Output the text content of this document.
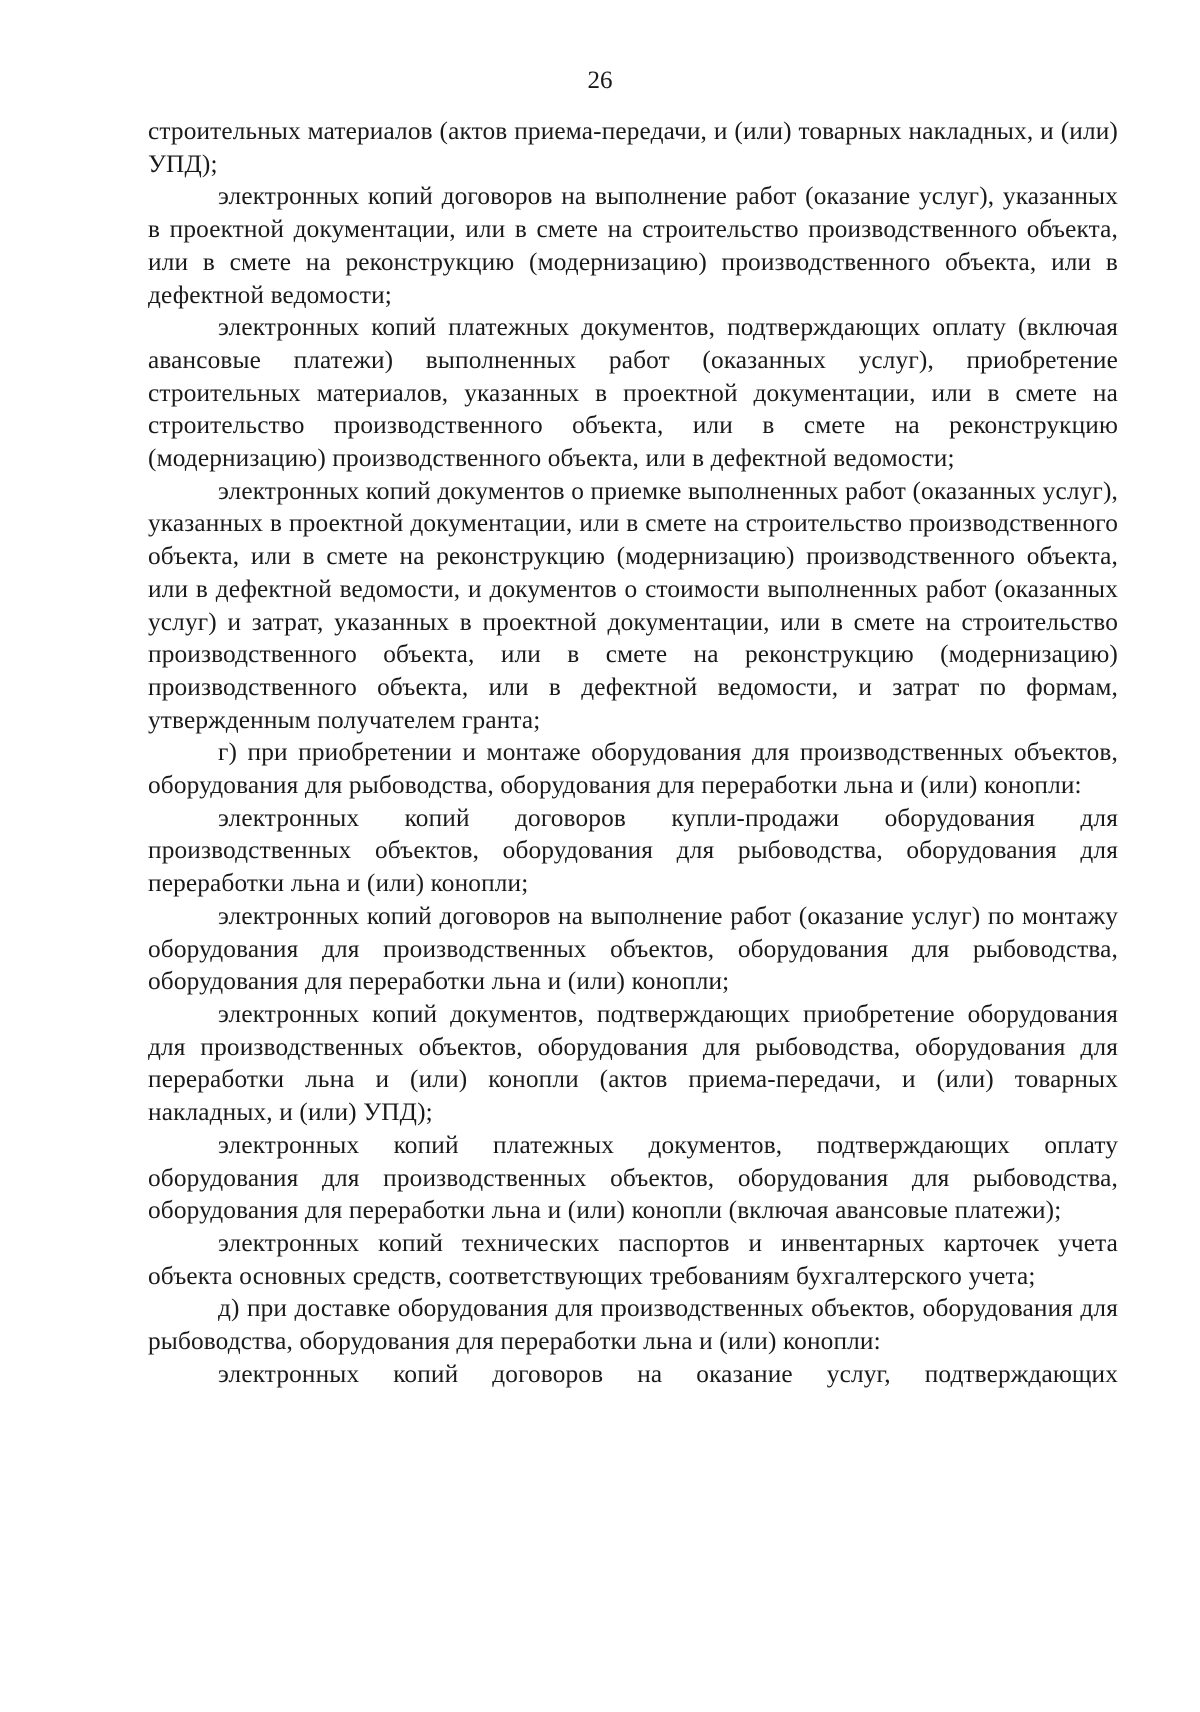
26

строительных материалов (актов приема-передачи, и (или) товарных накладных, и (или) УПД);

электронных копий договоров на выполнение работ (оказание услуг), указанных в проектной документации, или в смете на строительство производственного объекта, или в смете на реконструкцию (модернизацию) производственного объекта, или в дефектной ведомости;

электронных копий платежных документов, подтверждающих оплату (включая авансовые платежи) выполненных работ (оказанных услуг), приобретение строительных материалов, указанных в проектной документации, или в смете на строительство производственного объекта, или в смете на реконструкцию (модернизацию) производственного объекта, или в дефектной ведомости;

электронных копий документов о приемке выполненных работ (оказанных услуг), указанных в проектной документации, или в смете на строительство производственного объекта, или в смете на реконструкцию (модернизацию) производственного объекта, или в дефектной ведомости, и документов о стоимости выполненных работ (оказанных услуг) и затрат, указанных в проектной документации, или в смете на строительство производственного объекта, или в смете на реконструкцию (модернизацию) производственного объекта, или в дефектной ведомости, и затрат по формам, утвержденным получателем гранта;

г) при приобретении и монтаже оборудования для производственных объектов, оборудования для рыбоводства, оборудования для переработки льна и (или) конопли:

электронных копий договоров купли-продажи оборудования для производственных объектов, оборудования для рыбоводства, оборудования для переработки льна и (или) конопли;

электронных копий договоров на выполнение работ (оказание услуг) по монтажу оборудования для производственных объектов, оборудования для рыбоводства, оборудования для переработки льна и (или) конопли;

электронных копий документов, подтверждающих приобретение оборудования для производственных объектов, оборудования для рыбоводства, оборудования для переработки льна и (или) конопли (актов приема-передачи, и (или) товарных накладных, и (или) УПД);

электронных копий платежных документов, подтверждающих оплату оборудования для производственных объектов, оборудования для рыбоводства, оборудования для переработки льна и (или) конопли (включая авансовые платежи);

электронных копий технических паспортов и инвентарных карточек учета объекта основных средств, соответствующих требованиям бухгалтерского учета;

д) при доставке оборудования для производственных объектов, оборудования для рыбоводства, оборудования для переработки льна и (или) конопли:

электронных копий договоров на оказание услуг, подтверждающих
